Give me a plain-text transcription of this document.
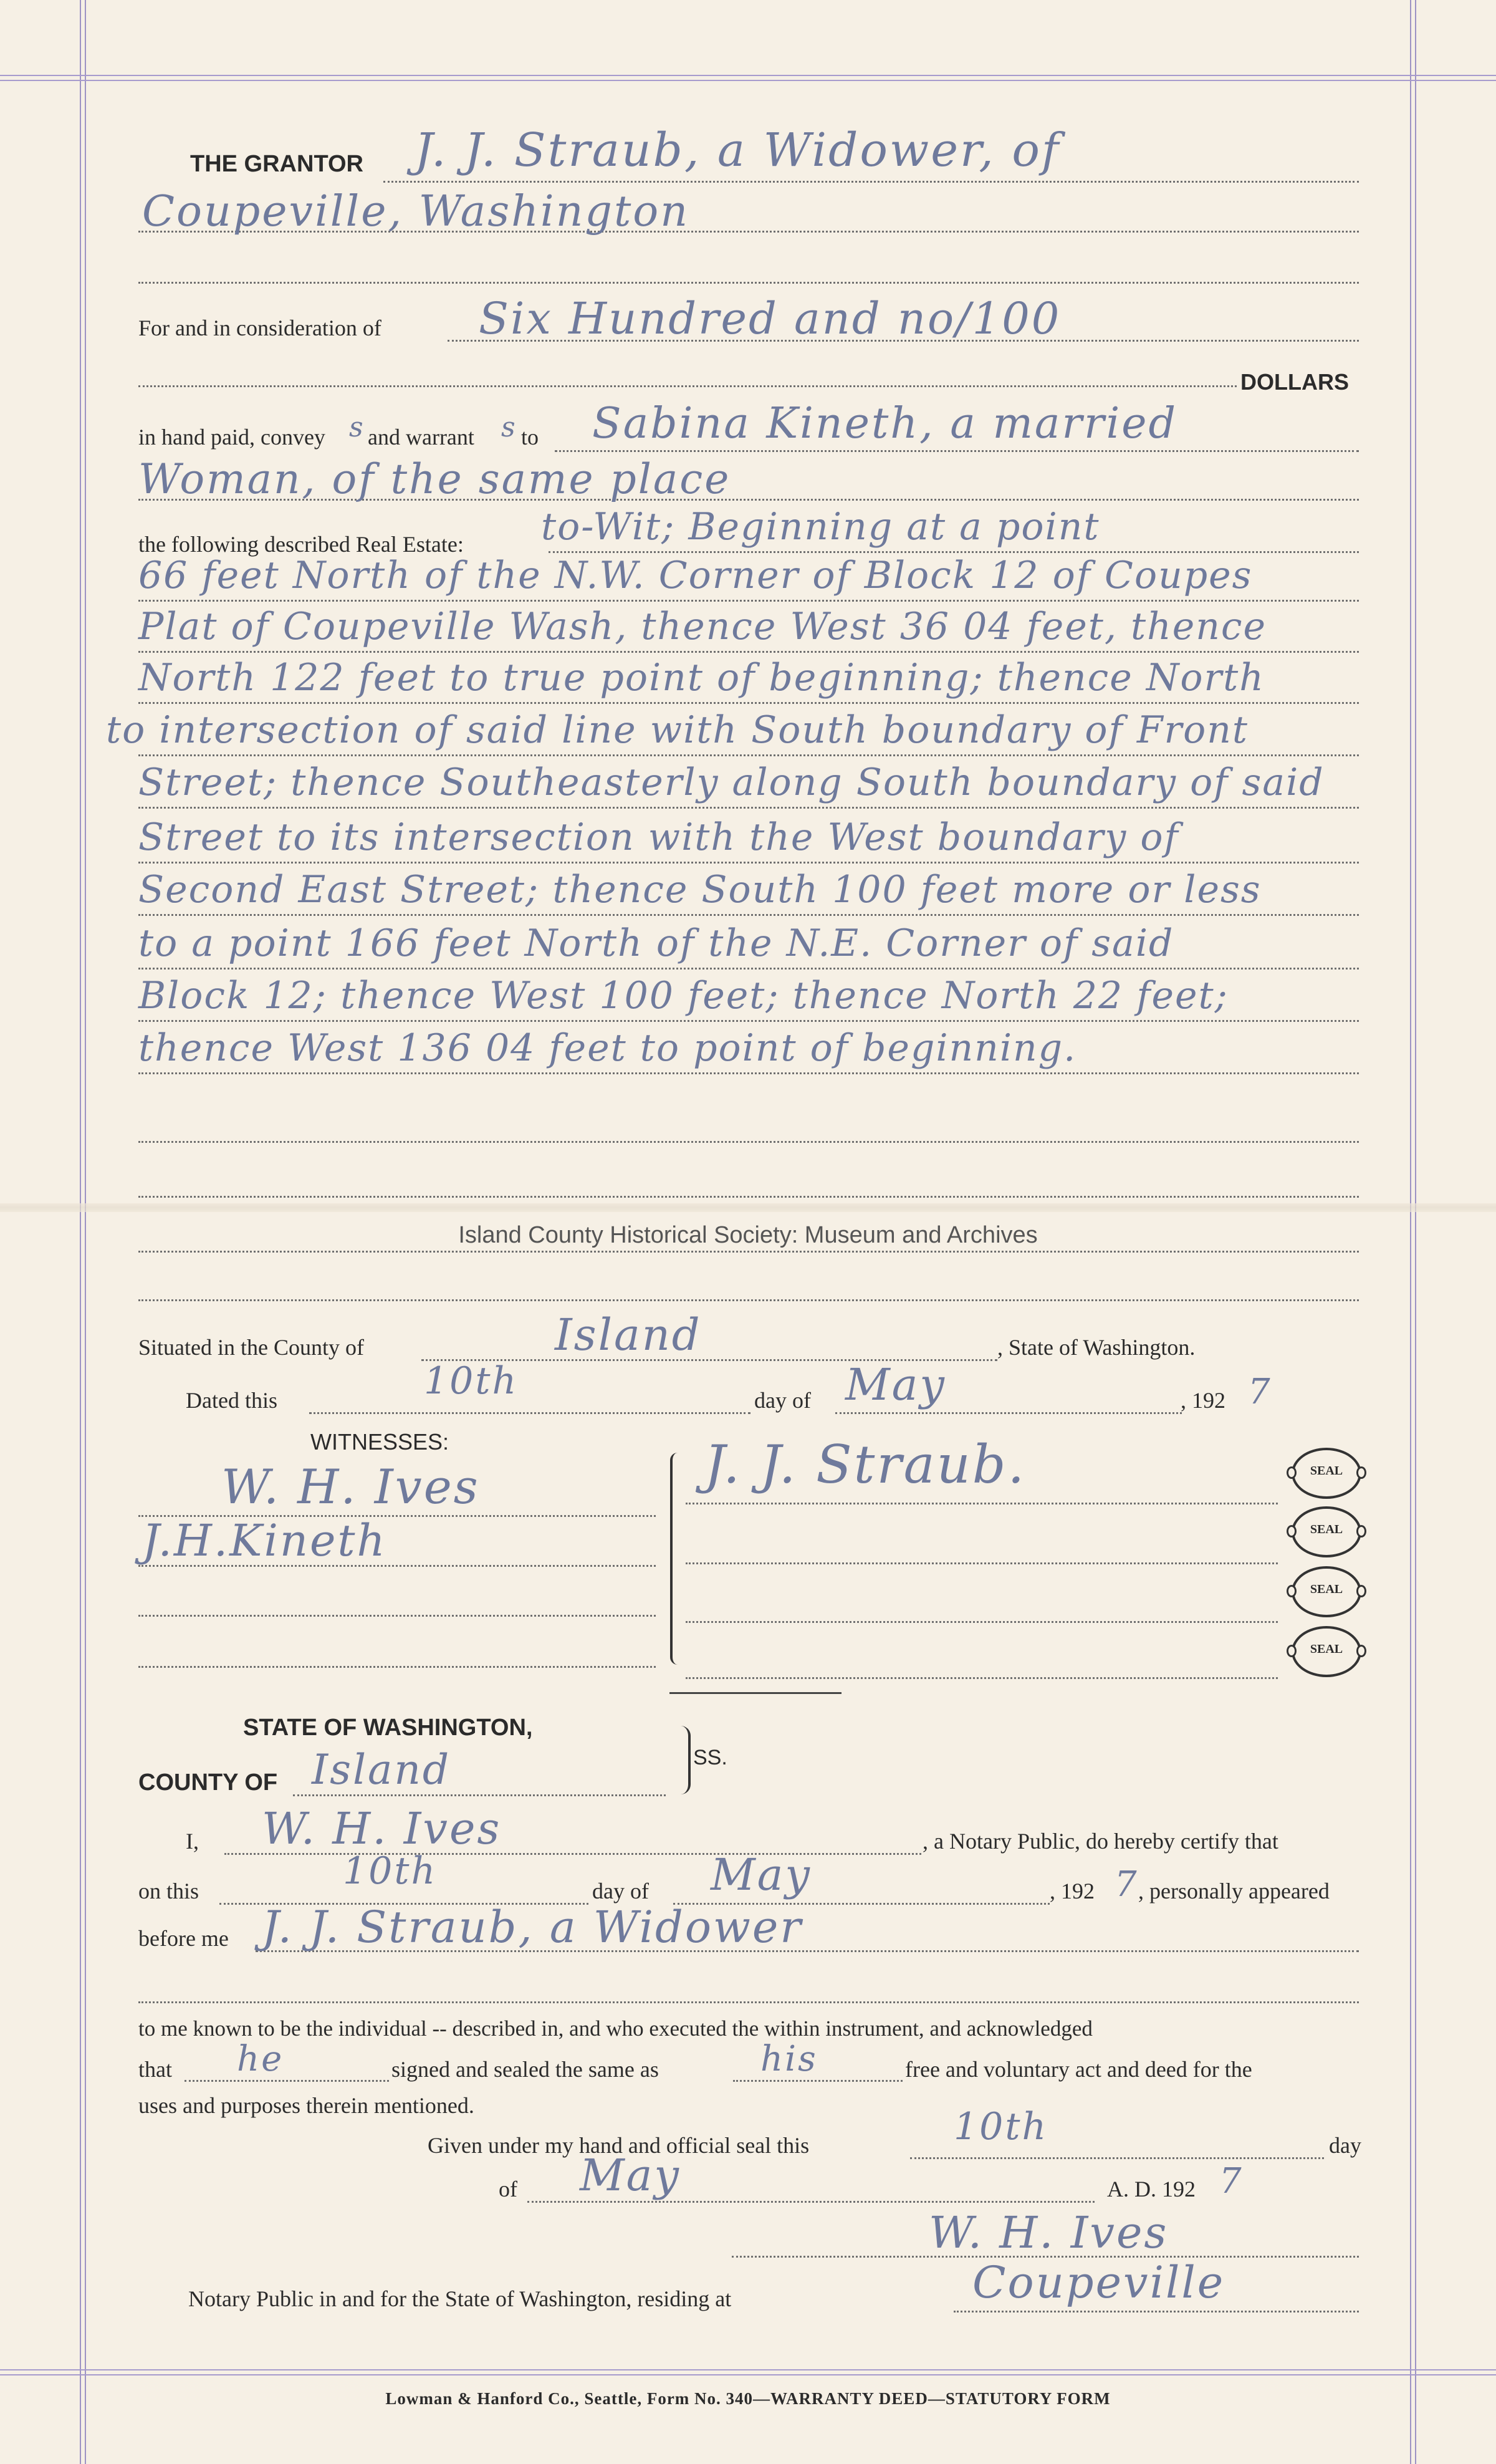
THE GRANTOR J. J. Straub, a Widower, of
Coupeville, Washington
For and in consideration of Six Hundred and no/100
DOLLARS
in hand paid, convey s and warrant s to Sabina Kineth, a married
Woman, of the same place
the following described Real Estate: to-Wit; Beginning at a point
66 feet North of the N.W. Corner of Block 12 of Coupes
Plat of Coupeville Wash, thence West 36 04 feet, thence
North 122 feet to true point of beginning; thence North
to intersection of said line with South boundary of Front
Street; thence Southeasterly along South boundary of said
Street to its intersection with the West boundary of
Second East Street; thence South 100 feet more or less
to a point 166 feet North of the N.E. Corner of said
Block 12; thence West 100 feet; thence North 22 feet;
thence West 136 04 feet to point of beginning.
Island County Historical Society: Museum and Archives
Situated in the County of	Island	, State of Washington.
Dated this	10th	day of May	, 192 7
WITNESSES:
W. H. Ives
J.H.Kineth
J. J. Straub.	SEAL
SEAL
SEAL
SEAL
STATE OF WASHINGTON,
COUNTY OF Island	SS.
I, W. H. Ives	, a Notary Public, do hereby certify that
on this	10th	day of May	, 192 7 , personally appeared
before me J. J. Straub, a Widower
to me known to be the individual -- described in, and who executed the within instrument, and acknowledged
that he	signed and sealed the same as	his	free and voluntary act and deed for the
uses and purposes therein mentioned.
Given under my hand and official seal this	10th	day
of May	A. D. 192 7
W. H. Ives
Notary Public in and for the State of Washington, residing at	Coupeville
Lowman & Hanford Co., Seattle, Form No. 340—WARRANTY DEED—STATUTORY FORM
